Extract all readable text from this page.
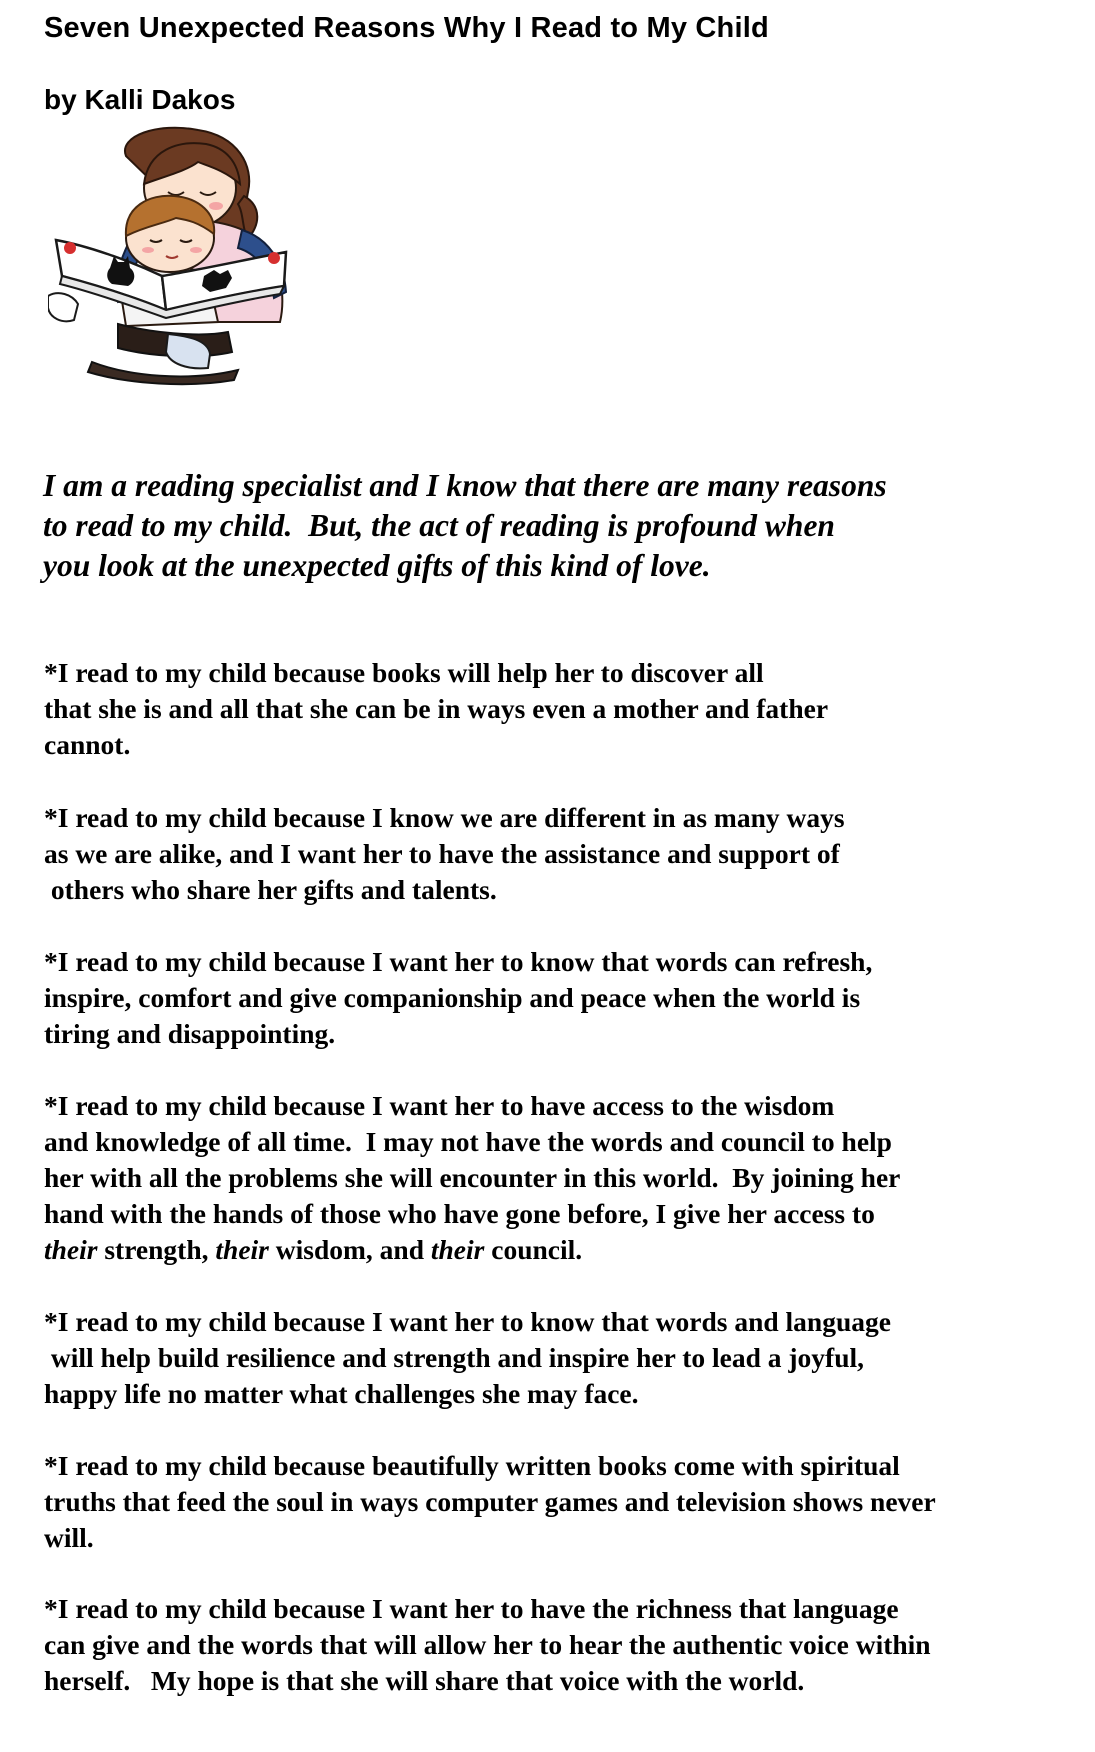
Seven Unexpected Reasons Why I Read to My Child
by Kalli Dakos
I am a reading specialist and I know that there are many reasons
to read to my child.  But, the act of reading is profound when
you look at the unexpected gifts of this kind of love.
*I read to my child because books will help her to discover all
that she is and all that she can be in ways even a mother and father
cannot.
*I read to my child because I know we are different in as many ways
as we are alike, and I want her to have the assistance and support of
others who share her gifts and talents.
*I read to my child because I want her to know that words can refresh,
inspire, comfort and give companionship and peace when the world is
tiring and disappointing.
*I read to my child because I want her to have access to the wisdom
and knowledge of all time.  I may not have the words and council to help
her with all the problems she will encounter in this world.  By joining her
hand with the hands of those who have gone before, I give her access to
their strength, their wisdom, and their council.
*I read to my child because I want her to know that words and language
will help build resilience and strength and inspire her to lead a joyful,
happy life no matter what challenges she may face.
*I read to my child because beautifully written books come with spiritual
truths that feed the soul in ways computer games and television shows never
will.
*I read to my child because I want her to have the richness that language
can give and the words that will allow her to hear the authentic voice within
herself.   My hope is that she will share that voice with the world.
